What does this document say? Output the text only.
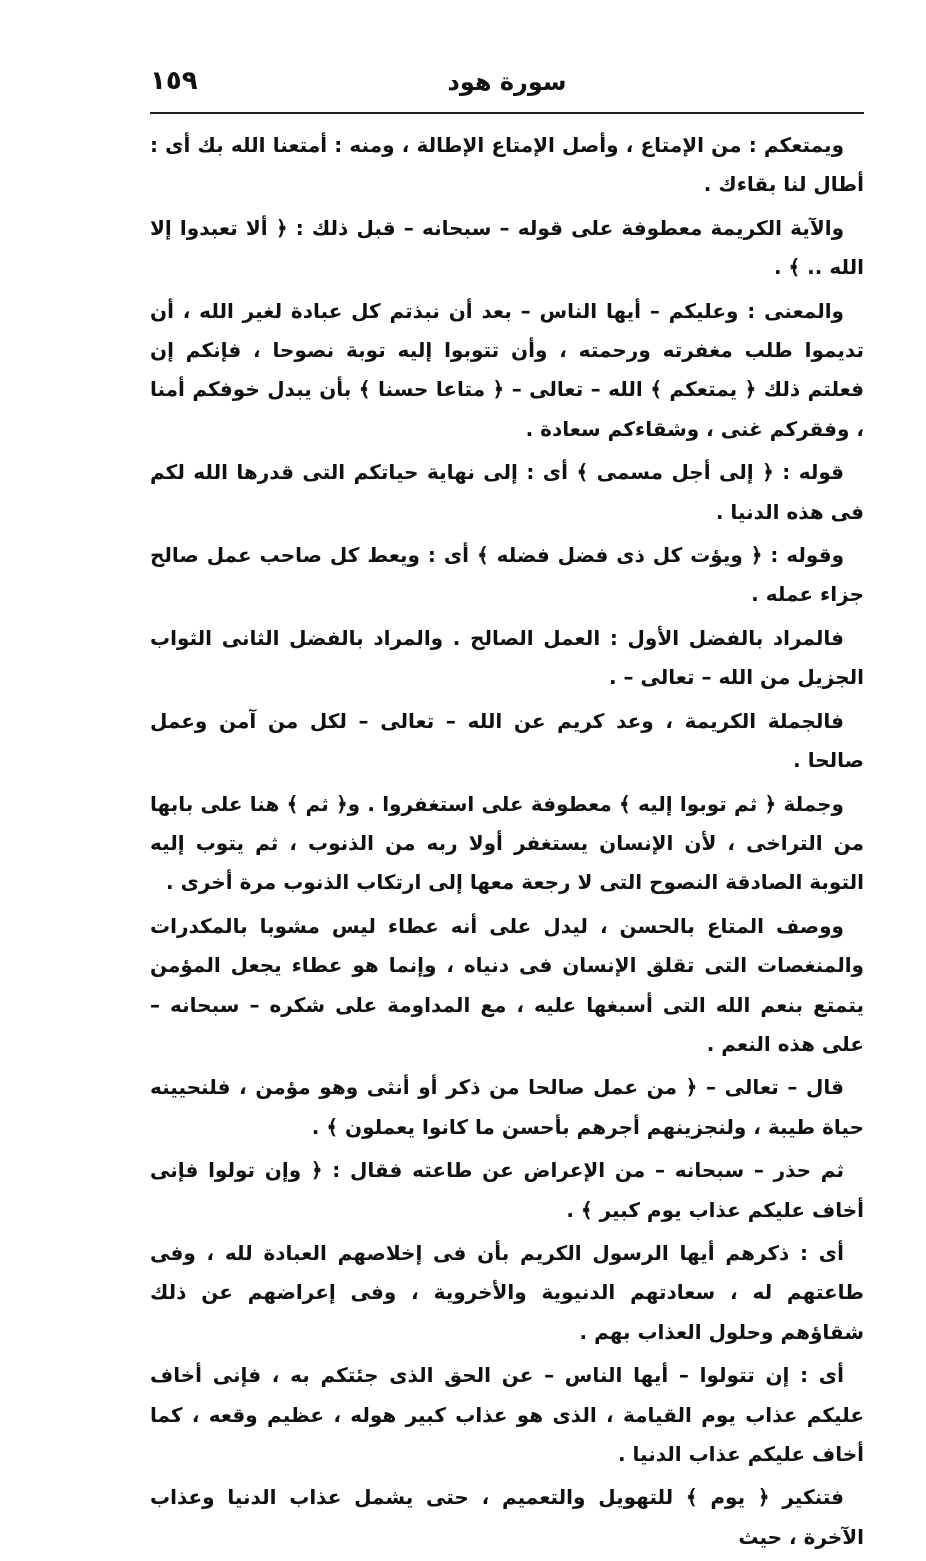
١٥٩	سورة هود

ويمتعكم : من الإمتاع ، وأصل الإمتاع الإطالة ، ومنه : أمتعنا الله بك أى : أطال لنا بقاءك .

والآية الكريمة معطوفة على قوله – سبحانه – قبل ذلك : ﴿ ألا تعبدوا إلا الله .. ﴾ .

والمعنى : وعليكم – أيها الناس – بعد أن نبذتم كل عبادة لغير الله ، أن تديموا طلب مغفرته ورحمته ، وأن تتوبوا إليه توبة نصوحا ، فإنكم إن فعلتم ذلك ﴿ يمتعكم ﴾ الله – تعالى – ﴿ متاعا حسنا ﴾ بأن يبدل خوفكم أمنا ، وفقركم غنى ، وشقاءكم سعادة .

قوله : ﴿ إلى أجل مسمى ﴾ أى : إلى نهاية حياتكم التى قدرها الله لكم فى هذه الدنيا .

وقوله : ﴿ ويؤت كل ذى فضل فضله ﴾ أى : ويعط كل صاحب عمل صالح جزاء عمله .

فالمراد بالفضل الأول : العمل الصالح . والمراد بالفضل الثانى الثواب الجزيل من الله – تعالى – .

فالجملة الكريمة ، وعد كريم عن الله – تعالى – لكل من آمن وعمل صالحا .

وجملة ﴿ ثم توبوا إليه ﴾ معطوفة على استغفروا . و﴿ ثم ﴾ هنا على بابها من التراخى ، لأن الإنسان يستغفر أولا ربه من الذنوب ، ثم يتوب إليه التوبة الصادقة النصوح التى لا رجعة معها إلى ارتكاب الذنوب مرة أخرى .

ووصف المتاع بالحسن ، ليدل على أنه عطاء ليس مشوبا بالمكدرات والمنغصات التى تقلق الإنسان فى دنياه ، وإنما هو عطاء يجعل المؤمن يتمتع بنعم الله التى أسبغها عليه ، مع المداومة على شكره – سبحانه – على هذه النعم .

قال – تعالى – ﴿ من عمل صالحا من ذكر أو أنثى وهو مؤمن ، فلنحيينه حياة طيبة ، ولنجزينهم أجرهم بأحسن ما كانوا يعملون ﴾ .

ثم حذر – سبحانه – من الإعراض عن طاعته فقال : ﴿ وإن تولوا فإنى أخاف عليكم عذاب يوم كبير ﴾ .

أى : ذكرهم أيها الرسول الكريم بأن فى إخلاصهم العبادة لله ، وفى طاعتهم له ، سعادتهم الدنيوية والأخروية ، وفى إعراضهم عن ذلك شقاؤهم وحلول العذاب بهم .

أى : إن تتولوا – أيها الناس – عن الحق الذى جئتكم به ، فإنى أخاف عليكم عذاب يوم القيامة ، الذى هو عذاب كبير هوله ، عظيم وقعه ، كما أخاف عليكم عذاب الدنيا .

فتنكير ﴿ يوم ﴾ للتهويل والتعميم ، حتى يشمل عذاب الدنيا وعذاب الآخرة ، حيث
